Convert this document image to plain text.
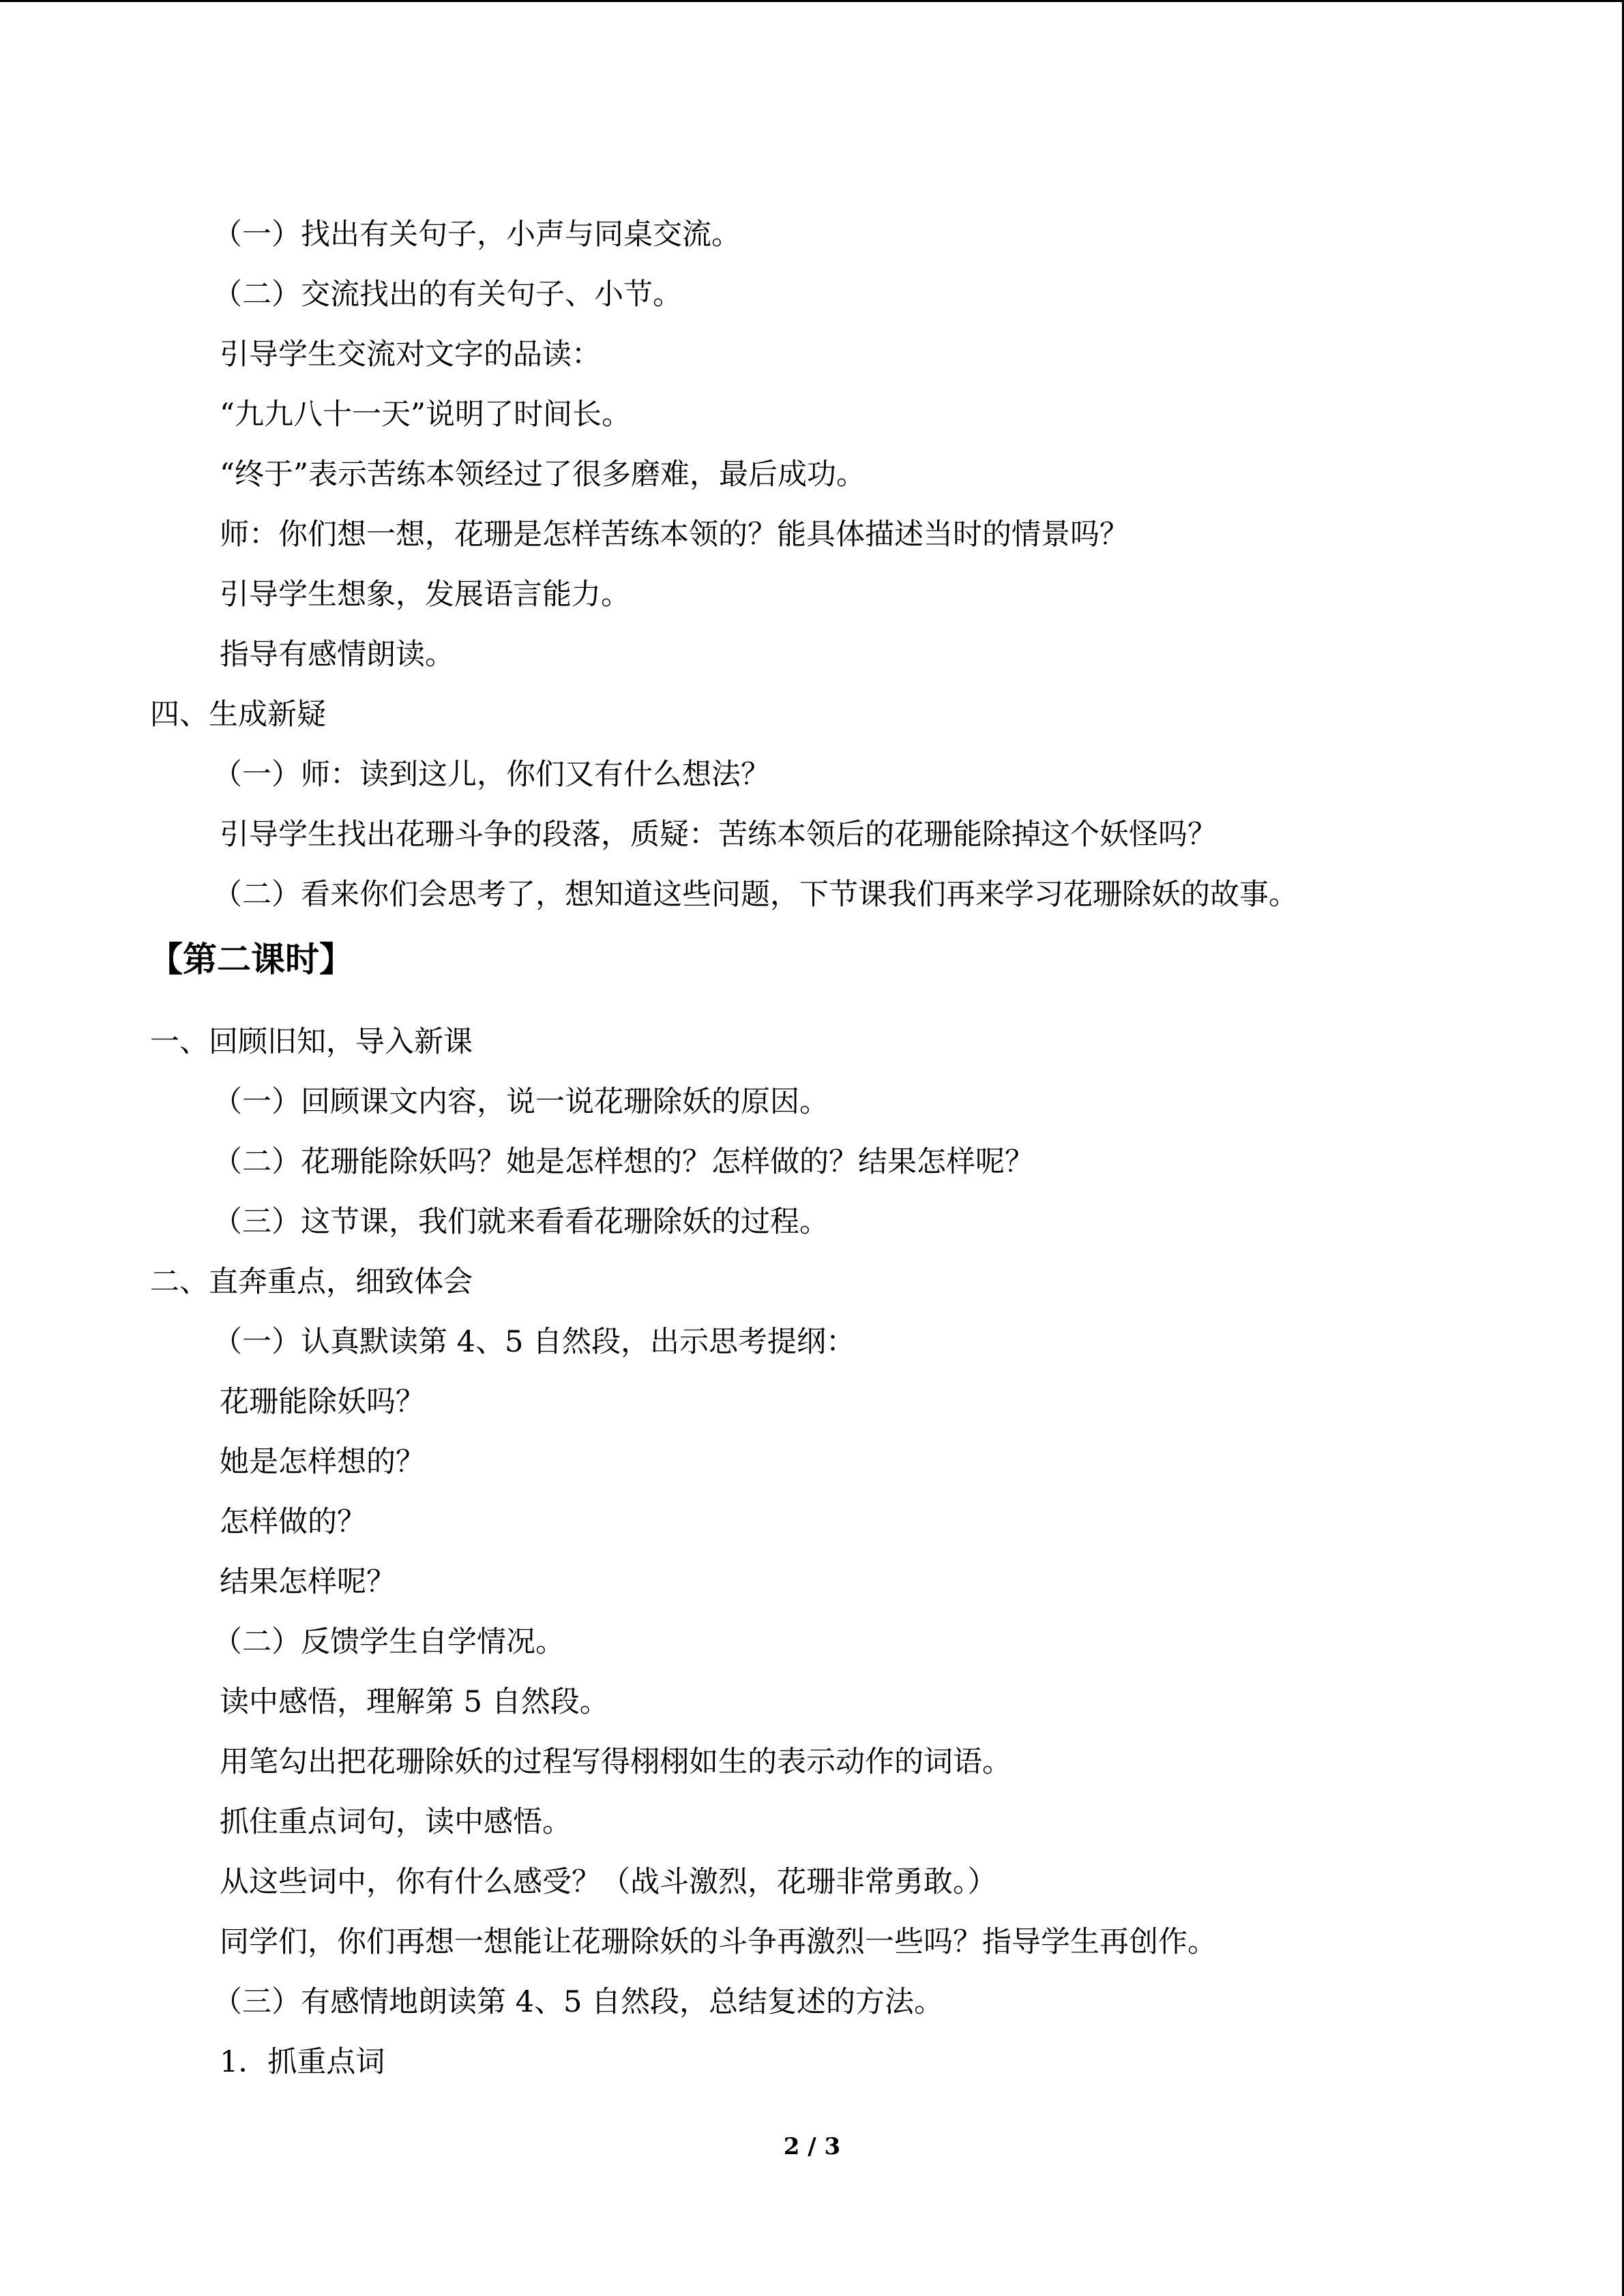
（一）找出有关句子，小声与同桌交流。
（二）交流找出的有关句子、小节。
引导学生交流对文字的品读：
“九九八十一天”说明了时间长。
“终于”表示苦练本领经过了很多磨难，最后成功。
师：你们想一想，花珊是怎样苦练本领的？能具体描述当时的情景吗？
引导学生想象，发展语言能力。
指导有感情朗读。
四、生成新疑
（一）师：读到这儿，你们又有什么想法？
引导学生找出花珊斗争的段落，质疑：苦练本领后的花珊能除掉这个妖怪吗？
（二）看来你们会思考了，想知道这些问题，下节课我们再来学习花珊除妖的故事。
【第二课时】
一、回顾旧知，导入新课
（一）回顾课文内容，说一说花珊除妖的原因。
（二）花珊能除妖吗？她是怎样想的？怎样做的？结果怎样呢？
（三）这节课，我们就来看看花珊除妖的过程。
二、直奔重点，细致体会
（一）认真默读第 4、5 自然段，出示思考提纲：
花珊能除妖吗？
她是怎样想的？
怎样做的？
结果怎样呢？
（二）反馈学生自学情况。
读中感悟，理解第 5 自然段。
用笔勾出把花珊除妖的过程写得栩栩如生的表示动作的词语。
抓住重点词句，读中感悟。
从这些词中，你有什么感受？（战斗激烈，花珊非常勇敢。）
同学们，你们再想一想能让花珊除妖的斗争再激烈一些吗？指导学生再创作。
（三）有感情地朗读第 4、5 自然段，总结复述的方法。
1．抓重点词
2 / 3
